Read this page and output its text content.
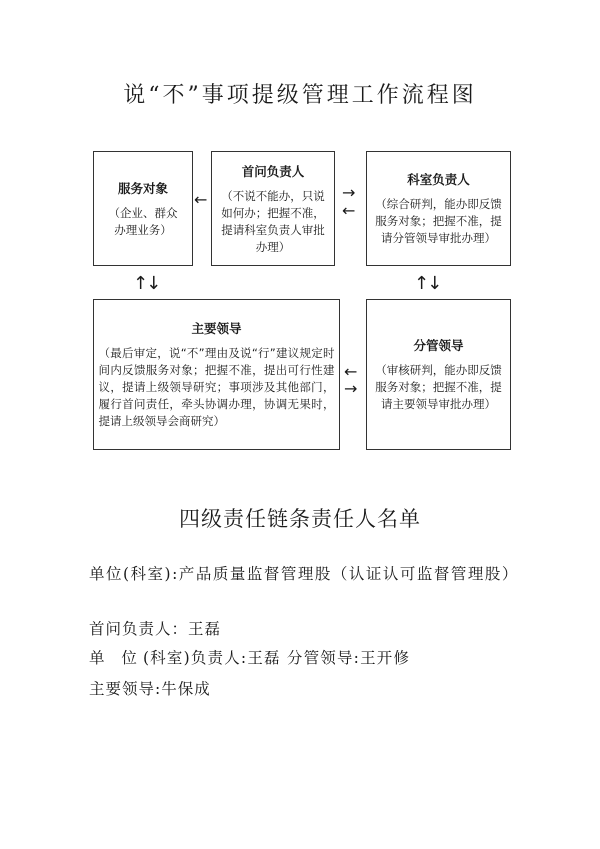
说“不”事项提级管理工作流程图
服务对象
（企业、群众办理业务）
首问负责人
（不说不能办，只说如何办；把握不准，提请科室负责人审批办理）
科室负责人
（综合研判，能办即反馈服务对象；把握不准，提请分管领导审批办理）
主要领导
（最后审定，说“不”理由及说“行”建议规定时间内反馈服务对象；把握不准，提出可行性建议，提请上级领导研究；事项涉及其他部门，履行首问责任，牵头协调办理，协调无果时，提请上级领导会商研究）
分管领导
（审核研判，能办即反馈服务对象；把握不准，提请主要领导审批办理）
←	→
←
↑↓	↑↓
←
→
四级责任链条责任人名单
单位(科室):产品质量监督管理股（认证认可监督管理股）
首问负责人：王磊
单 位(科室)负责人:王磊 分管领导:王开修
主要领导:牛保成
